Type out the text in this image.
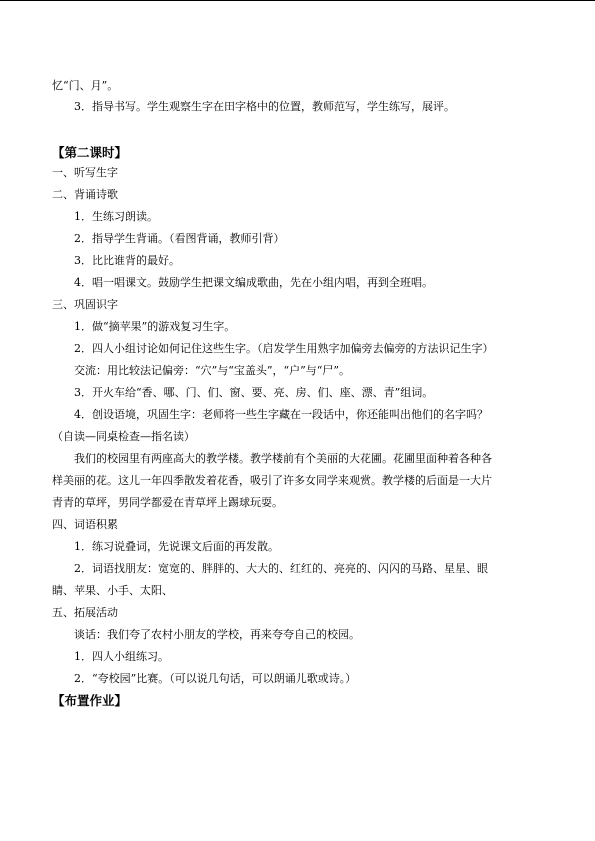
忆“门、月”。

3．指导书写。学生观察生字在田字格中的位置，教师范写，学生练写，展评。

【第二课时】

一、听写生字

二、背诵诗歌

1．生练习朗读。

2．指导学生背诵。（看图背诵，教师引背）

3．比比谁背的最好。

4．唱一唱课文。鼓励学生把课文编成歌曲，先在小组内唱，再到全班唱。

三、巩固识字

1．做“摘苹果”的游戏复习生字。

2．四人小组讨论如何记住这些生字。（启发学生用熟字加偏旁去偏旁的方法识记生字）

交流：用比较法记偏旁：“穴”与“宝盖头”，“户”与“尸”。

3．开火车给“香、哪、门、们、窗、要、亮、房、们、座、漂、青”组词。

4．创设语境，巩固生字：老师将一些生字藏在一段话中，你还能叫出他们的名字吗？

（自读—同桌检查—指名读）

我们的校园里有两座高大的教学楼。教学楼前有个美丽的大花圃。花圃里面种着各种各

样美丽的花。这儿一年四季散发着花香，吸引了许多女同学来观赏。教学楼的后面是一大片

青青的草坪，男同学都爱在青草坪上踢球玩耍。

四、词语积累

1．练习说叠词，先说课文后面的再发散。

2．词语找朋友：宽宽的、胖胖的、大大的、红红的、亮亮的、闪闪的马路、星星、眼

睛、苹果、小手、太阳、

五、拓展活动

谈话：我们夸了农村小朋友的学校，再来夸夸自己的校园。

1．四人小组练习。

2．“夸校园”比赛。（可以说几句话，可以朗诵儿歌或诗。）

【布置作业】
